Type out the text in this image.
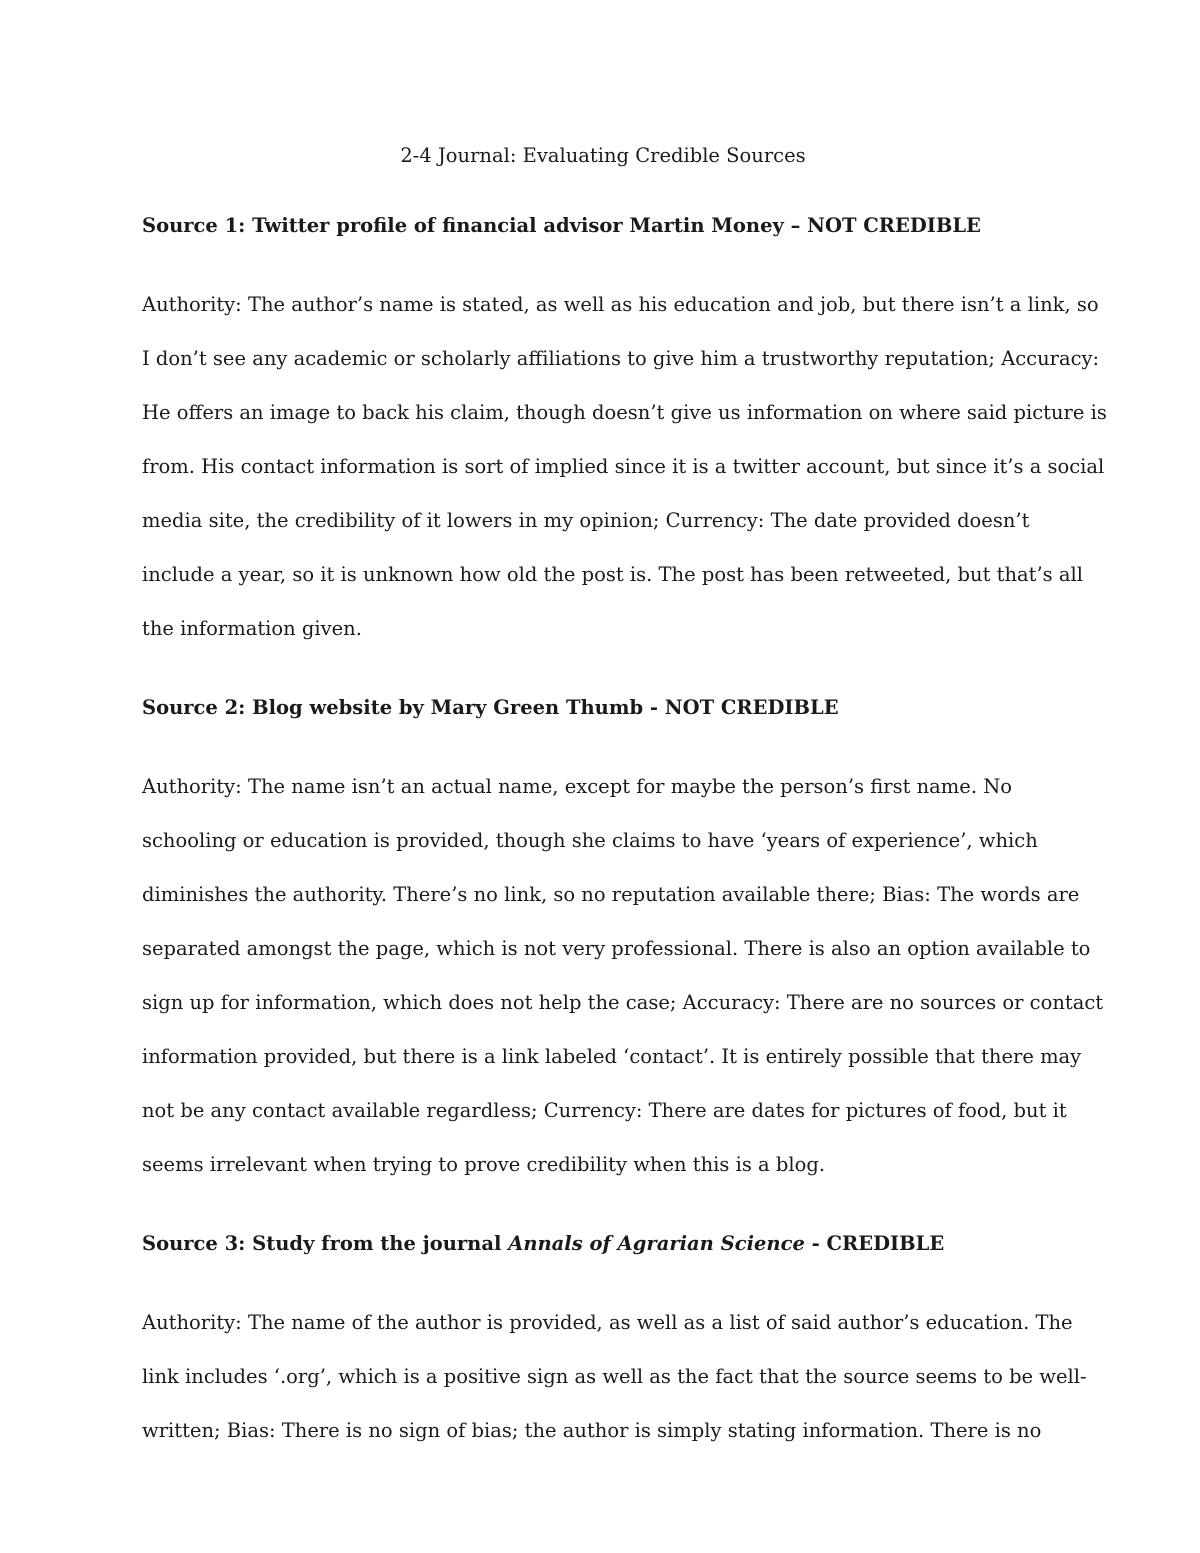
2-4 Journal: Evaluating Credible Sources
Source 1: Twitter profile of financial advisor Martin Money – NOT CREDIBLE
Authority: The author’s name is stated, as well as his education and job, but there isn’t a link, so
I don’t see any academic or scholarly affiliations to give him a trustworthy reputation; Accuracy:
He offers an image to back his claim, though doesn’t give us information on where said picture is
from. His contact information is sort of implied since it is a twitter account, but since it’s a social
media site, the credibility of it lowers in my opinion; Currency: The date provided doesn’t
include a year, so it is unknown how old the post is. The post has been retweeted, but that’s all
the information given.
Source 2: Blog website by Mary Green Thumb - NOT CREDIBLE
Authority: The name isn’t an actual name, except for maybe the person’s first name. No
schooling or education is provided, though she claims to have ‘years of experience’, which
diminishes the authority. There’s no link, so no reputation available there; Bias: The words are
separated amongst the page, which is not very professional. There is also an option available to
sign up for information, which does not help the case; Accuracy: There are no sources or contact
information provided, but there is a link labeled ‘contact’. It is entirely possible that there may
not be any contact available regardless; Currency: There are dates for pictures of food, but it
seems irrelevant when trying to prove credibility when this is a blog.
Source 3: Study from the journal Annals of Agrarian Science - CREDIBLE
Authority: The name of the author is provided, as well as a list of said author’s education. The
link includes ‘.org’, which is a positive sign as well as the fact that the source seems to be well-
written; Bias: There is no sign of bias; the author is simply stating information. There is no
